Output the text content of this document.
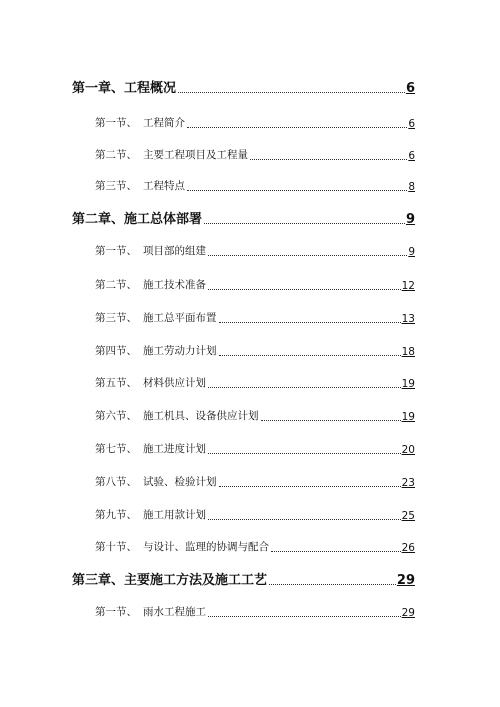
第一章、工程概况	6
第一节、 工程简介	6
第二节、 主要工程项目及工程量	6
第三节、 工程特点	8
第二章、施工总体部署	9
第一节、 项目部的组建	9
第二节、 施工技术准备	12
第三节、 施工总平面布置	13
第四节、 施工劳动力计划	18
第五节、 材料供应计划	19
第六节、 施工机具、设备供应计划	19
第七节、 施工进度计划	20
第八节、 试验、检验计划	23
第九节、 施工用款计划	25
第十节、 与设计、监理的协调与配合	26
第三章、主要施工方法及施工工艺	29
第一节、 雨水工程施工	29
